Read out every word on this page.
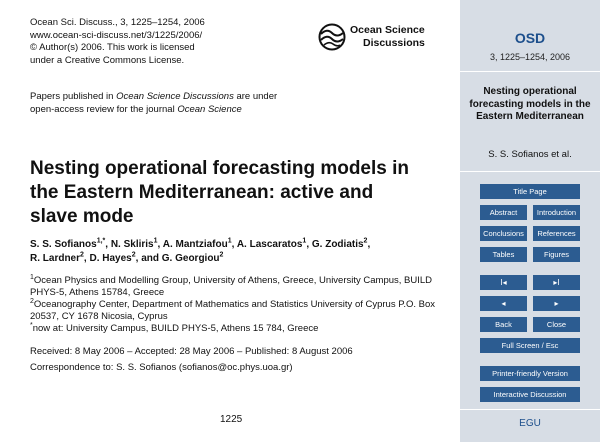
Ocean Sci. Discuss., 3, 1225–1254, 2006
www.ocean-sci-discuss.net/3/1225/2006/
© Author(s) 2006. This work is licensed
under a Creative Commons License.
Ocean Science
Discussions
Papers published in Ocean Science Discussions are under
open-access review for the journal Ocean Science
Nesting operational forecasting models in
the Eastern Mediterranean: active and
slave mode
S. S. Sofianos$^{1,*}$, N. Skliris$^1$, A. Mantziafou$^1$, A. Lascaratos$^1$, G. Zodiatis$^2$,
R. Lardner$^2$, D. Hayes$^2$, and G. Georgiou$^2$
$^1$Ocean Physics and Modelling Group, University of Athens, Greece, University Campus, BUILD PHYS-5, Athens 15784, Greece
$^2$Oceanography Center, Department of Mathematics and Statistics University of Cyprus P.O. Box 20537, CY 1678 Nicosia, Cyprus
*now at: University Campus, BUILD PHYS-5, Athens 15 784, Greece
Received: 8 May 2006 – Accepted: 28 May 2006 – Published: 8 August 2006
Correspondence to: S. S. Sofianos (sofianos@oc.phys.uoa.gr)
1225
OSD
3, 1225–1254, 2006
Nesting operational forecasting models in the Eastern Mediterranean
S. S. Sofianos et al.
Title Page
Abstract	Introduction
Conclusions	References
Tables	Figures
I◂	▸I
◂	▸
Back	Close
Full Screen / Esc
Printer-friendly Version
Interactive Discussion
EGU
